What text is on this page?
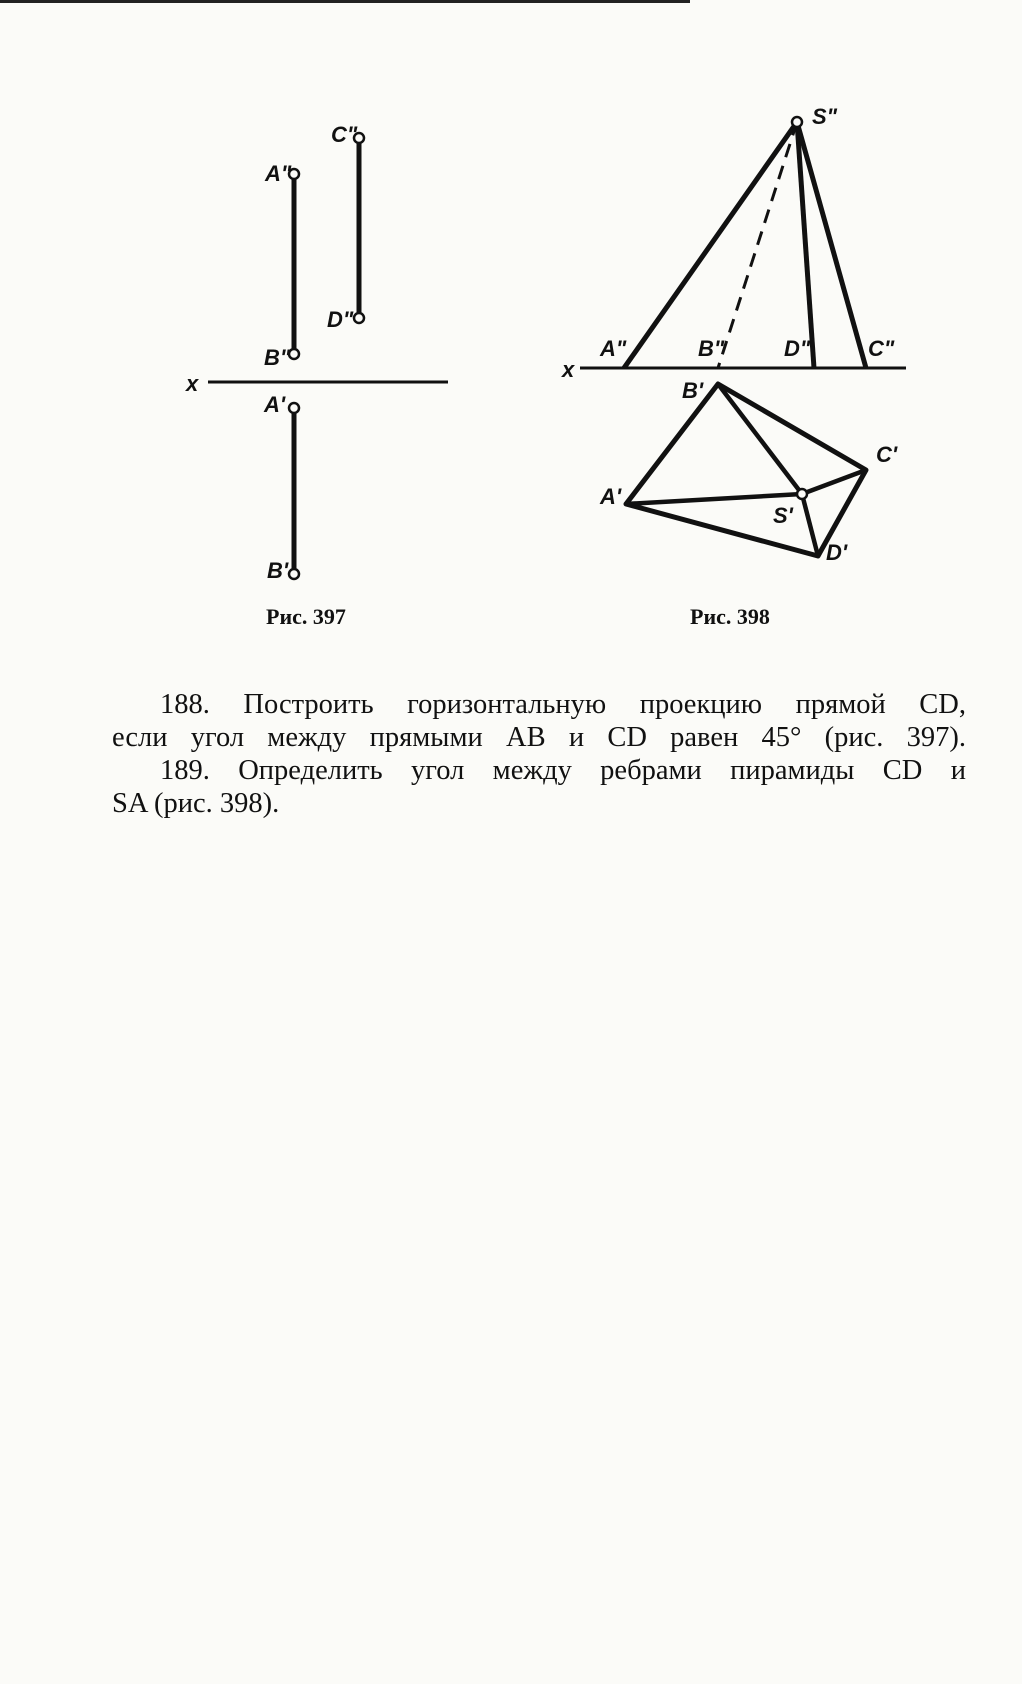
x
A"
C"
D"
B"
A'
B'
Рис. 397
S"
x
A"	B"	D"	C"
B'
C'
A'
S'
D'
Рис. 398

188. Построить горизонтальную проекцию прямой CD,

если угол между прямыми AB и CD равен 45° (рис. 397).

189. Определить угол между ребрами пирамиды CD и

SA (рис. 398).
